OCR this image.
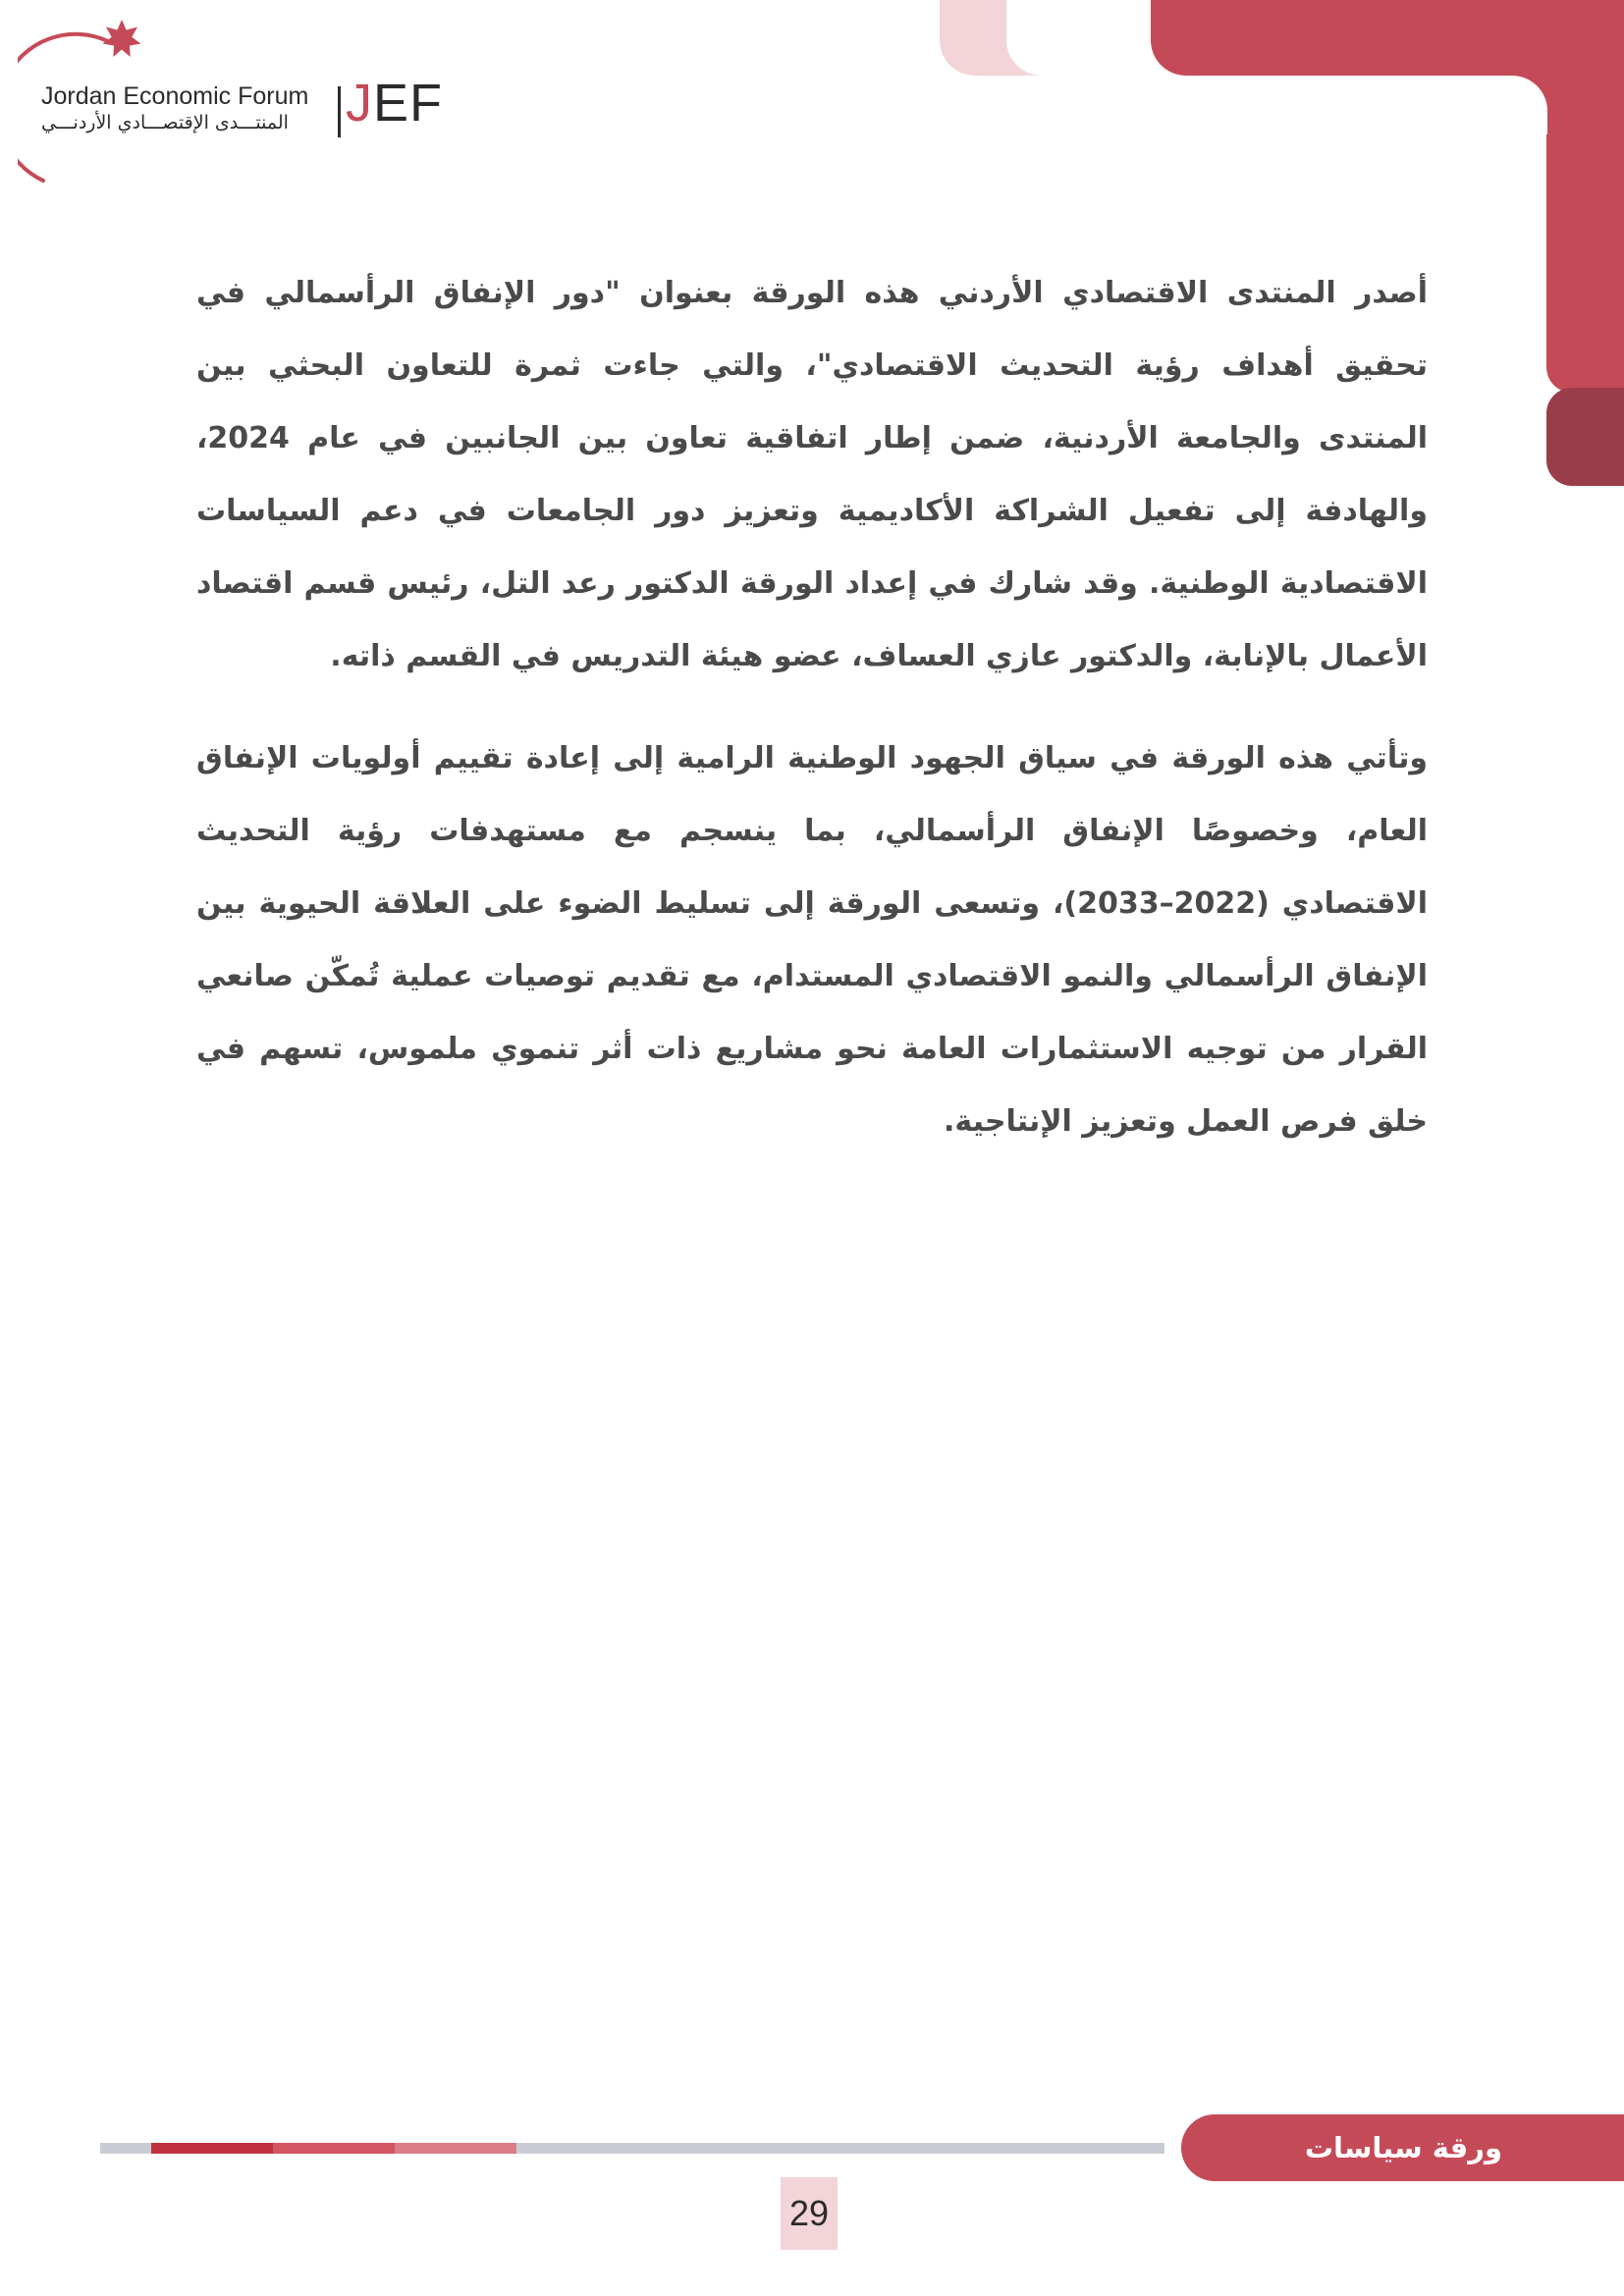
Jordan Economic Forum
المنتـــدى الإقتصـــادي الأردنـــي	JEF

أصدر المنتدى الاقتصادي الأردني هذه الورقة بعنوان "دور الإنفاق الرأسمالي في تحقيق أهداف رؤية التحديث الاقتصادي"، والتي جاءت ثمرة للتعاون البحثي بين المنتدى والجامعة الأردنية، ضمن إطار اتفاقية تعاون بين الجانبين في عام 2024، والهادفة إلى تفعيل الشراكة الأكاديمية وتعزيز دور الجامعات في دعم السياسات الاقتصادية الوطنية. وقد شارك في إعداد الورقة الدكتور رعد التل، رئيس قسم اقتصاد الأعمال بالإنابة، والدكتور عازي العساف، عضو هيئة التدريس في القسم ذاته.

وتأتي هذه الورقة في سياق الجهود الوطنية الرامية إلى إعادة تقييم أولويات الإنفاق العام، وخصوصًا الإنفاق الرأسمالي، بما ينسجم مع مستهدفات رؤية التحديث الاقتصادي (2022–2033)، وتسعى الورقة إلى تسليط الضوء على العلاقة الحيوية بين الإنفاق الرأسمالي والنمو الاقتصادي المستدام، مع تقديم توصيات عملية تُمكّن صانعي القرار من توجيه الاستثمارات العامة نحو مشاريع ذات أثر تنموي ملموس، تسهم في خلق فرص العمل وتعزيز الإنتاجية.

ورقة سياسات
29
